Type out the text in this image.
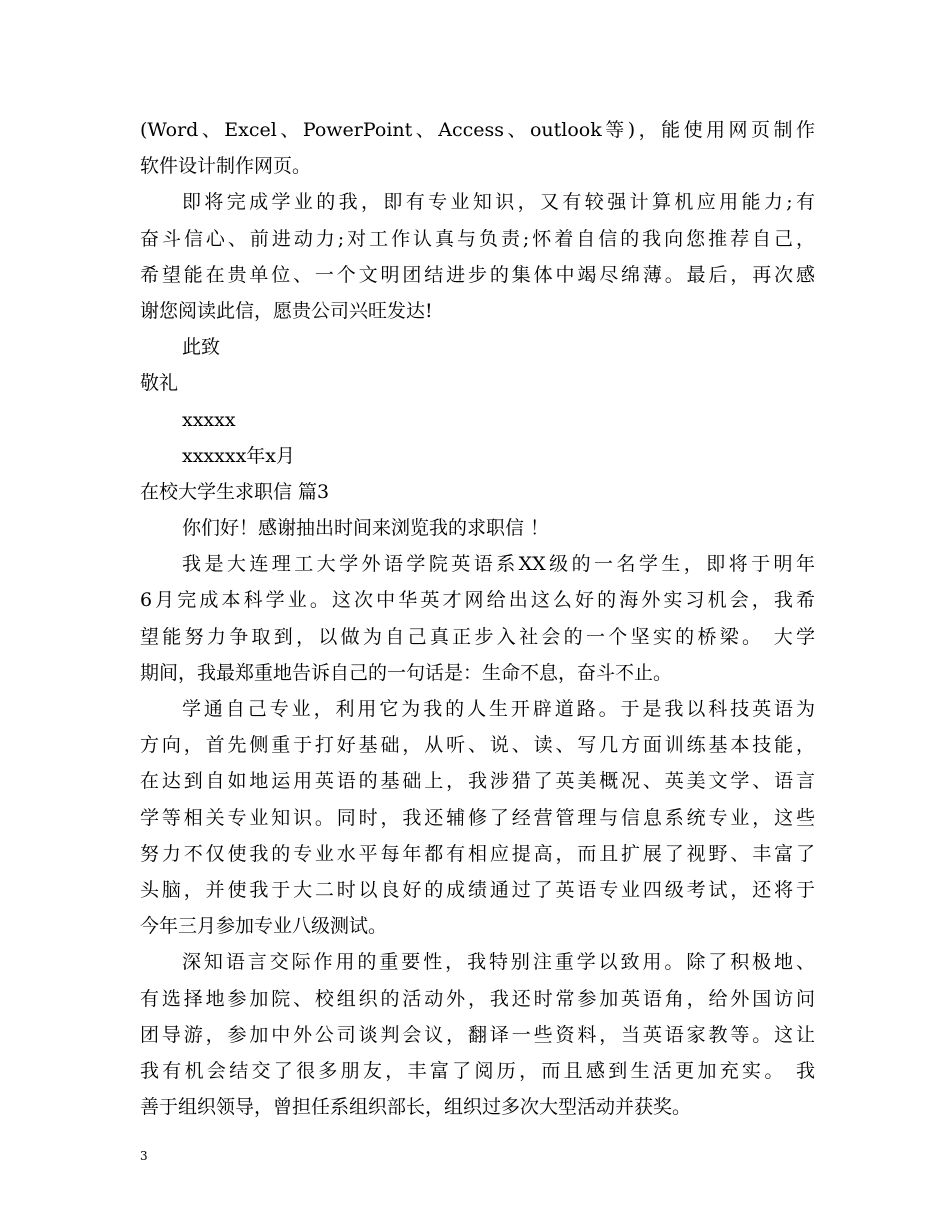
(Word、Excel、PowerPoint、Access、outlook等)，能使用网页制作
软件设计制作网页。
即将完成学业的我，即有专业知识，又有较强计算机应用能力;有
奋斗信心、前进动力;对工作认真与负责;怀着自信的我向您推荐自己，
希望能在贵单位、一个文明团结进步的集体中竭尽绵薄。最后，再次感
谢您阅读此信，愿贵公司兴旺发达!
此致
敬礼
xxxxx
xxxxxx年x月
在校大学生求职信 篇3
你们好！感谢抽出时间来浏览我的求职信 ！
我是大连理工大学外语学院英语系XX级的一名学生，即将于明年
6月完成本科学业。这次中华英才网给出这么好的海外实习机会，我希
望能努力争取到，以做为自己真正步入社会的一个坚实的桥梁。 大学
期间，我最郑重地告诉自己的一句话是：生命不息，奋斗不止。
学通自己专业，利用它为我的人生开辟道路。于是我以科技英语为
方向，首先侧重于打好基础，从听、说、读、写几方面训练基本技能，
在达到自如地运用英语的基础上，我涉猎了英美概况、英美文学、语言
学等相关专业知识。同时，我还辅修了经营管理与信息系统专业，这些
努力不仅使我的专业水平每年都有相应提高，而且扩展了视野、丰富了
头脑，并使我于大二时以良好的成绩通过了英语专业四级考试，还将于
今年三月参加专业八级测试。
深知语言交际作用的重要性，我特别注重学以致用。除了积极地、
有选择地参加院、校组织的活动外，我还时常参加英语角，给外国访问
团导游，参加中外公司谈判会议，翻译一些资料，当英语家教等。这让
我有机会结交了很多朋友，丰富了阅历，而且感到生活更加充实。 我
善于组织领导，曾担任系组织部长，组织过多次大型活动并获奖。
3
